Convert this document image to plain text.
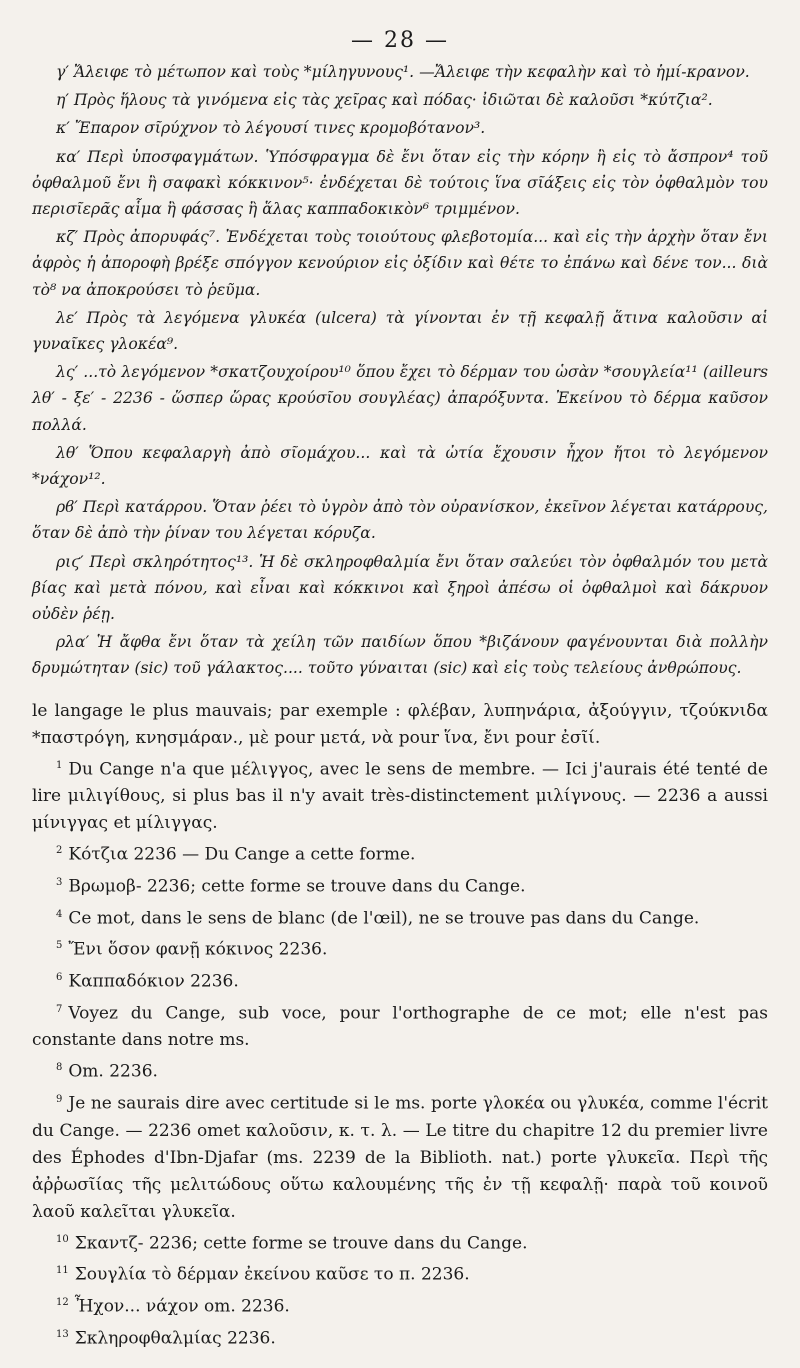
— 28 —

γ′ Ἄλειφε τὸ μέτωπον καὶ τοὺς *μίληγυνους¹. —Ἄλειφε τὴν κεφαλὴν καὶ τὸ ἡμί-κρανον.

η′ Πρὸς ἥλους τὰ γινόμενα εἰς τὰς χεῖρας καὶ πόδας· ἰδιῶται δὲ καλοῦσι *κύτζια².

κ′ Ἔπαρον σῖρύχνον τὸ λέγουσί τινες κρομοβότανον³.

κα′ Περὶ ὑποσφαγμάτων. Ὑπόσφραγμα δὲ ἔνι ὅταν εἰς τὴν κόρην ἢ εἰς τὸ ἄσπρον⁴ τοῦ ὀφθαλμοῦ ἔνι ἢ σαφακὶ κόκκινον⁵· ἐνδέχεται δὲ τούτοις ἵνα σῖάξεις εἰς τὸν ὀφθαλμὸν του περισῖερᾶς αἷμα ἢ φάσσας ἢ ἅλας καππαδοκικὸν⁶ τριμμένον.

κζ′ Πρὸς ἀπορυφάς⁷. Ἐνδέχεται τοὺς τοιούτους φλεβοτομία... καὶ εἰς τὴν ἀρχὴν ὅταν ἔνι ἀφρὸς ἡ ἀποροφὴ βρέξε σπόγγον κενούριον εἰς ὀξίδιν καὶ θέτε το ἐπάνω καὶ δένε τον... διὰ τὸ⁸ να ἀποκρούσει τὸ ῥεῦμα.

λε′ Πρὸς τὰ λεγόμενα γλυκέα (ulcera) τὰ γίνονται ἐν τῇ κεφαλῇ ἅτινα καλοῦσιν αἱ γυναῖκες γλοκέα⁹.

λς′ ...τὸ λεγόμενον *σκατζουχοίρου¹⁰ ὅπου ἔχει τὸ δέρμαν του ὡσὰν *σουγλεία¹¹ (ailleurs λθ′ - ξε′ - 2236 - ὥσπερ ὥρας κρούσῖου σουγλέας) ἀπαρόξυντα. Ἐκείνου τὸ δέρμα καῦσον πολλά.

λθ′ Ὅπου κεφαλαργὴ ἀπὸ σῖομάχου... καὶ τὰ ὠτία ἔχουσιν ἦχον ἤτοι τὸ λεγόμενον *νάχον¹².

ρϐ′ Περὶ κατάρρου. Ὅταν ῥέει τὸ ὑγρὸν ἀπὸ τὸν οὐρανίσκον, ἐκεῖνον λέγεται κατάρρους, ὅταν δὲ ἀπὸ τὴν ῥίναν του λέγεται κόρυζα.

ριϛ′ Περὶ σκληρότητος¹³. Ἡ δὲ σκληροφθαλμία ἔνι ὅταν σαλεύει τὸν ὀφθαλμόν του μετὰ βίας καὶ μετὰ πόνου, καὶ εἶναι καὶ κόκκινοι καὶ ξηροὶ ἀπέσω οἱ ὀφθαλμοὶ καὶ δάκρυον οὐδὲν ῥέῃ.

ρλα′ Ἡ ἄφθα ἔνι ὅταν τὰ χείλη τῶν παιδίων ὅπου *βιζάνουν φαγένουνται διὰ πολλὴν δρυμώτηταν (sic) τοῦ γάλακτος.... τοῦτο γύναιται (sic) καὶ εἰς τοὺς τελείους ἀνθρώπους.

le langage le plus mauvais; par exemple : φλέβαν, λυπηνάρια, ἀξούγγιν, τζούκνιδα *παστρόγη, κνησμάραν., μὲ pour μετά, νὰ pour ἵνα, ἔνι pour ἐσῖί.

$^1$ Du Cange n'a que μέλιγγος, avec le sens de membre. — Ici j'aurais été tenté de lire μιλιγίθους, si plus bas il n'y avait très-distinctement μιλίγνους. — 2236 a aussi μίνιγγας et μίλιγγας.

$^2$ Κότζια 2236 — Du Cange a cette forme.

$^3$ Βρωμοβ- 2236; cette forme se trouve dans du Cange.

$^4$ Ce mot, dans le sens de blanc (de l'œil), ne se trouve pas dans du Cange.

$^5$ Ἔνι ὅσον φανῇ κόκινος 2236.

$^6$ Καππαδόκιον 2236.

$^7$ Voyez du Cange, sub voce, pour l'orthographe de ce mot; elle n'est pas constante dans notre ms.

$^8$ Om. 2236.

$^9$ Je ne saurais dire avec certitude si le ms. porte γλοκέα ou γλυκέα, comme l'écrit du Cange. — 2236 omet καλοῦσιν, κ. τ. λ. — Le titre du chapitre 12 du premier livre des Éphodes d'Ibn-Djafar (ms. 2239 de la Biblioth. nat.) porte γλυκεῖα. Περὶ τῆς ἀῤῥωσῖίας τῆς μελιτώδους οὕτω καλουμένης τῆς ἐν τῇ κεφαλῇ· παρὰ τοῦ κοινοῦ λαοῦ καλεῖται γλυκεῖα.

$^{10}$ Σκαντζ- 2236; cette forme se trouve dans du Cange.

$^{11}$ Σουγλία τὸ δέρμαν ἐκείνου καῦσε το π. 2236.

$^{12}$ Ἦχον... νάχον om. 2236.

$^{13}$ Σκληροφθαλμίας 2236.
